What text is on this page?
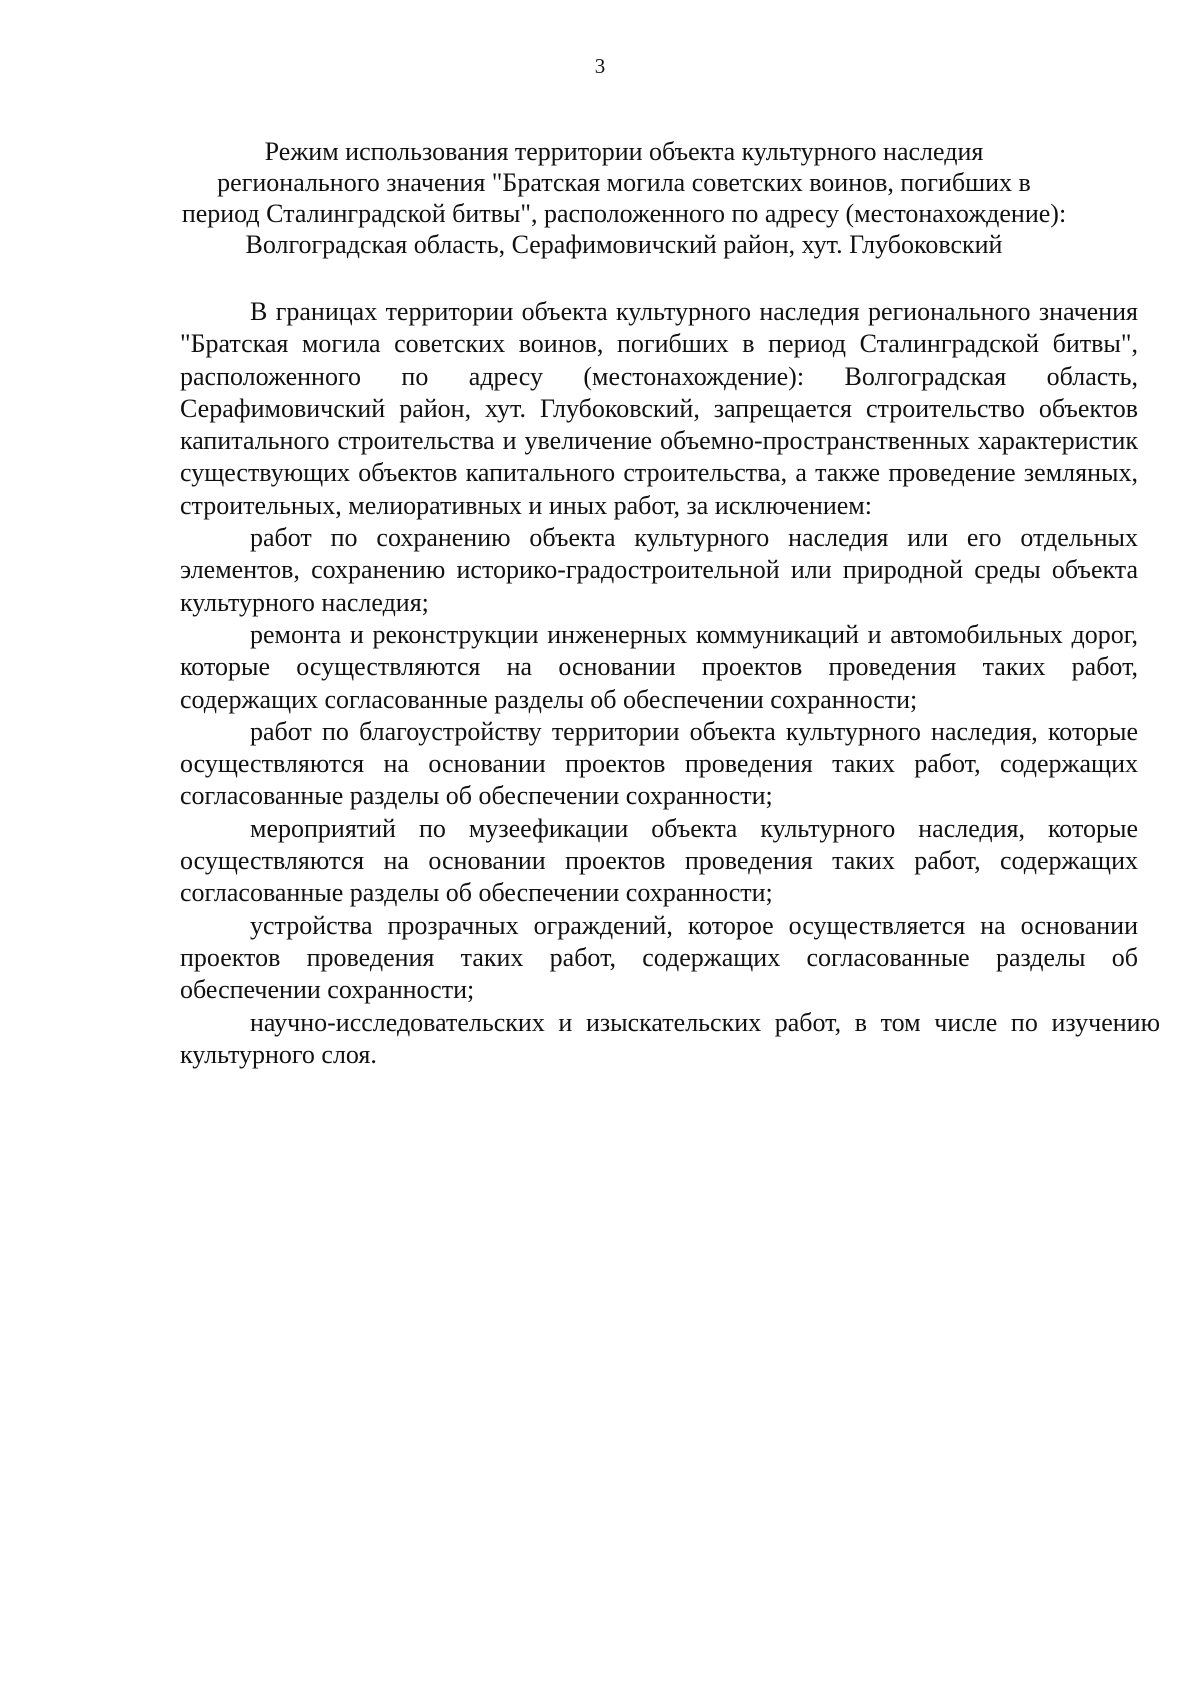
3
Режим использования территории объекта культурного наследия
регионального значения "Братская могила советских воинов, погибших в
период Сталинградской битвы", расположенного по адресу (местонахождение):
Волгоградская область, Серафимовичский район, хут. Глубоковский

В границах территории объекта культурного наследия регионального значения "Братская могила советских воинов, погибших в период Сталинградской битвы", расположенного по адресу (местонахождение): Волгоградская область, Серафимовичский район, хут. Глубоковский, запрещается строительство объектов капитального строительства и увеличение объемно-пространственных характеристик существующих объектов капитального строительства, а также проведение земляных, строительных, мелиоративных и иных работ, за исключением:

работ по сохранению объекта культурного наследия или его отдельных элементов, сохранению историко-градостроительной или природной среды объекта культурного наследия;

ремонта и реконструкции инженерных коммуникаций и автомобильных дорог, которые осуществляются на основании проектов проведения таких работ, содержащих согласованные разделы об обеспечении сохранности;

работ по благоустройству территории объекта культурного наследия, которые осуществляются на основании проектов проведения таких работ, содержащих согласованные разделы об обеспечении сохранности;

мероприятий по музеефикации объекта культурного наследия, которые осуществляются на основании проектов проведения таких работ, содержащих согласованные разделы об обеспечении сохранности;

устройства прозрачных ограждений, которое осуществляется на основании проектов проведения таких работ, содержащих согласованные разделы об обеспечении сохранности;

научно-исследовательских и изыскательских работ, в том числе по изучению культурного слоя.
